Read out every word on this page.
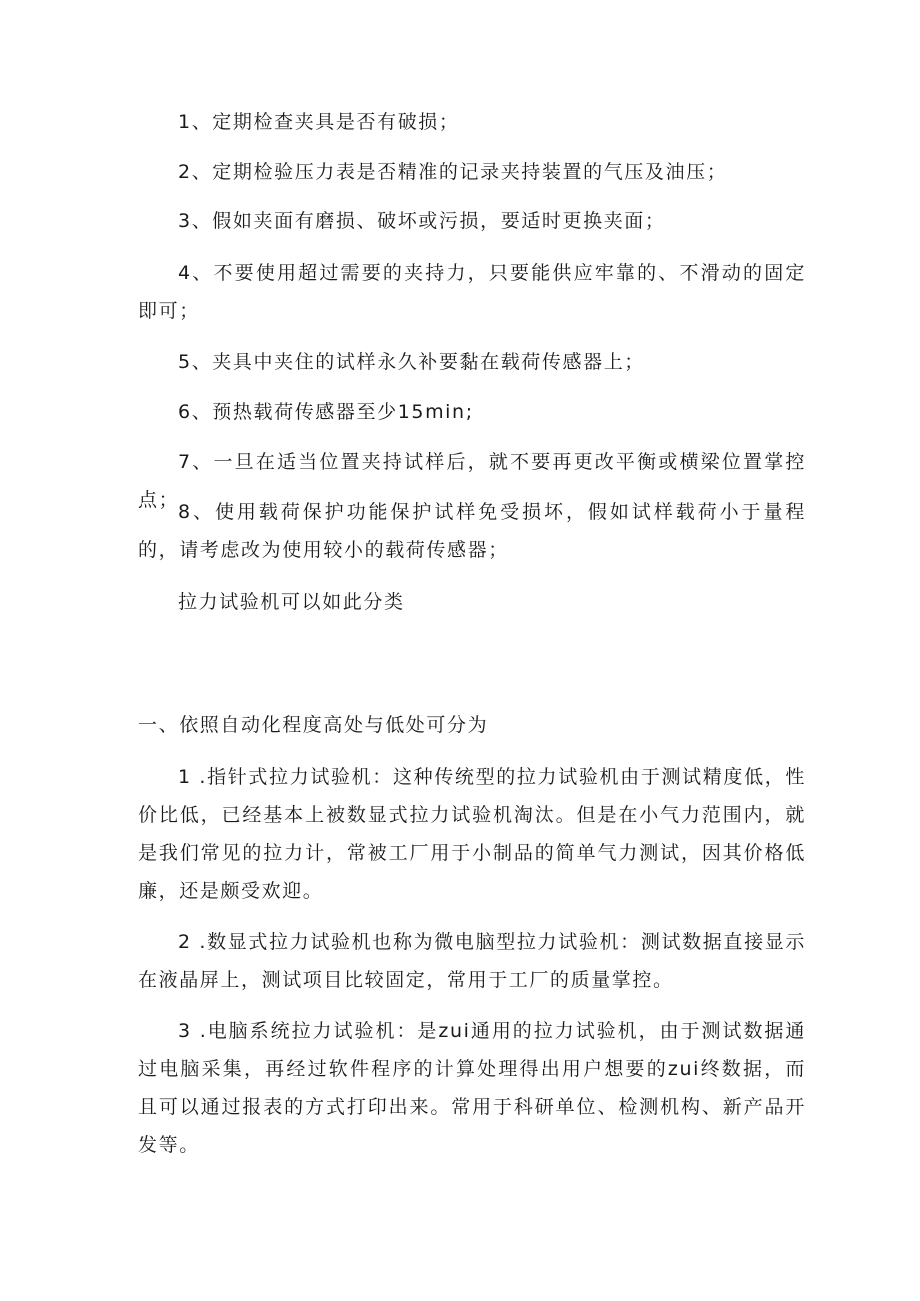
1、定期检查夹具是否有破损；

2、定期检验压力表是否精准的记录夹持装置的气压及油压；

3、假如夹面有磨损、破坏或污损，要适时更换夹面；

4、不要使用超过需要的夹持力，只要能供应牢靠的、不滑动的固定即可；

5、夹具中夹住的试样永久补要黏在载荷传感器上；

6、预热载荷传感器至少15min;

7、一旦在适当位置夹持试样后，就不要再更改平衡或横梁位置掌控点；

8、使用载荷保护功能保护试样免受损坏，假如试样载荷小于量程的，请考虑改为使用较小的载荷传感器；

拉力试验机可以如此分类

一、依照自动化程度高处与低处可分为

1 .指针式拉力试验机：这种传统型的拉力试验机由于测试精度低，性价比低，已经基本上被数显式拉力试验机淘汰。但是在小气力范围内，就是我们常见的拉力计，常被工厂用于小制品的简单气力测试，因其价格低廉，还是颇受欢迎。

2 .数显式拉力试验机也称为微电脑型拉力试验机：测试数据直接显示在液晶屏上，测试项目比较固定，常用于工厂的质量掌控。

3 .电脑系统拉力试验机：是zui通用的拉力试验机，由于测试数据通过电脑采集，再经过软件程序的计算处理得出用户想要的zui终数据，而且可以通过报表的方式打印出来。常用于科研单位、检测机构、新产品开发等。
